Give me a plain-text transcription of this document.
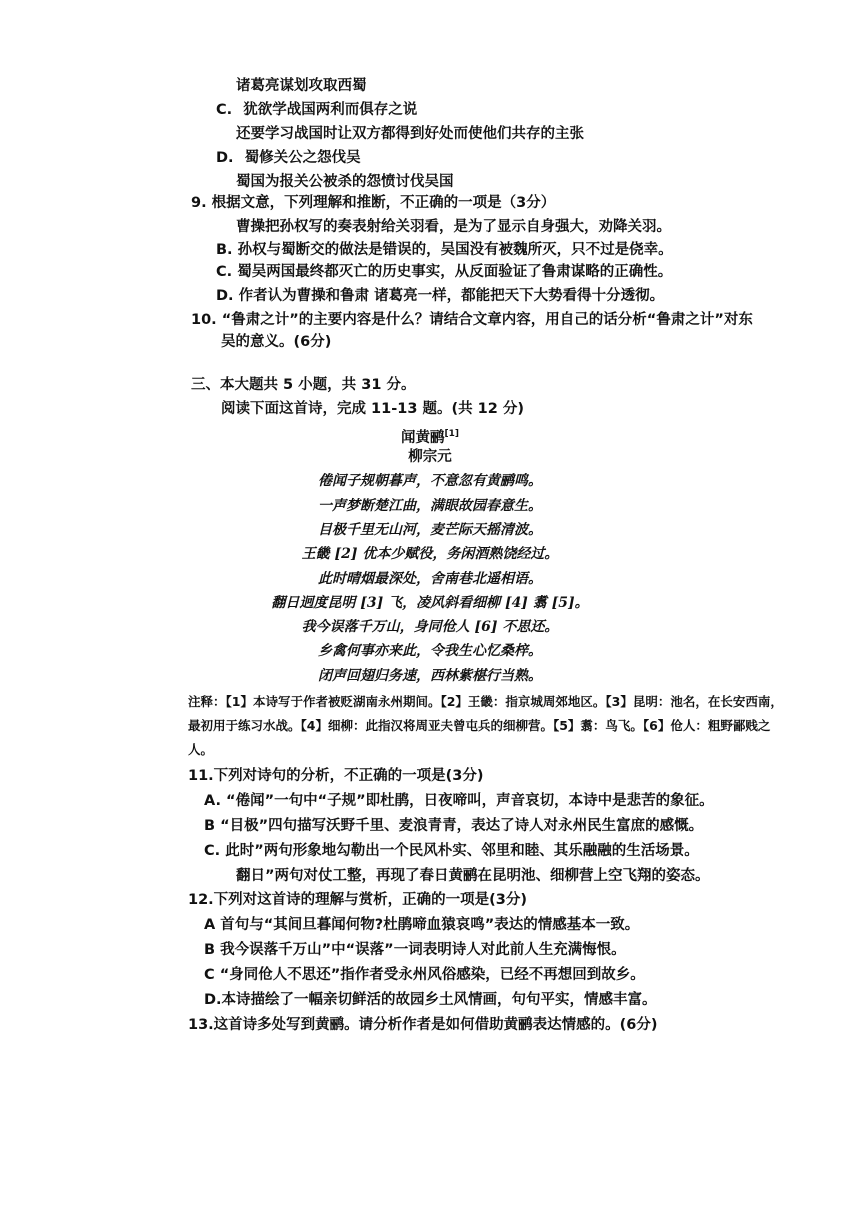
诸葛亮谋划攻取西蜀
C. 犹欲学战国两利而俱存之说
还要学习战国时让双方都得到好处而使他们共存的主张
D. 蜀修关公之怨伐吴
蜀国为报关公被杀的怨愤讨伐吴国
9. 根据文意，下列理解和推断，不正确的一项是（3分）
曹操把孙权写的奏表射给关羽看，是为了显示自身强大，劝降关羽。
B. 孙权与蜀断交的做法是错误的，吴国没有被魏所灭，只不过是侥幸。
C. 蜀吴两国最终都灭亡的历史事实，从反面验证了鲁肃谋略的正确性。
D. 作者认为曹操和鲁肃 诸葛亮一样，都能把天下大势看得十分透彻。
10. “鲁肃之计”的主要内容是什么？请结合文章内容，用自己的话分析“鲁肃之计”对东
吴的意义。(6分)
三、本大题共 5 小题，共 31 分。
阅读下面这首诗，完成 11-13 题。(共 12 分)
闻黄鹂[1]
柳宗元
倦闻子规朝暮声，不意忽有黄鹂鸣。
一声梦断楚江曲，满眼故园春意生。
目极千里无山河，麦芒际天摇清波。
王畿 [2] 优本少赋役，务闲酒熟饶经过。
此时晴烟最深处，舍南巷北遥相语。
翻日迥度昆明 [3] 飞，凌风斜看细柳 [4] 翥 [5]。
我今误落千万山，身同伧人 [6] 不思还。
乡禽何事亦来此，令我生心忆桑梓。
闭声回翅归务速，西林紫椹行当熟。
注释：【1】本诗写于作者被贬湖南永州期间。【2】王畿：指京城周郊地区。【3】昆明：池名，在长安西南，
最初用于练习水战。【4】细柳：此指汉将周亚夫曾屯兵的细柳营。【5】翥：鸟飞。【6】伧人：粗野鄙贱之
人。
11.下列对诗句的分析，不正确的一项是(3分)
A. “倦闻”一句中“子规”即杜鹃，日夜啼叫，声音哀切，本诗中是悲苦的象征。
B “目极”四句描写沃野千里、麦浪青青，表达了诗人对永州民生富庶的感慨。
C. 此时”两句形象地勾勒出一个民风朴实、邻里和睦、其乐融融的生活场景。
翻日”两句对仗工整，再现了春日黄鹂在昆明池、细柳营上空飞翔的姿态。
12.下列对这首诗的理解与赏析，正确的一项是(3分)
A 首句与“其间旦暮闻何物?杜鹃啼血猿哀鸣”表达的情感基本一致。
B 我今误落千万山”中“误落”一词表明诗人对此前人生充满悔恨。
C “身同伧人不思还”指作者受永州风俗感染，已经不再想回到故乡。
D.本诗描绘了一幅亲切鲜活的故园乡土风情画，句句平实，情感丰富。
13.这首诗多处写到黄鹂。请分析作者是如何借助黄鹂表达情感的。(6分)
